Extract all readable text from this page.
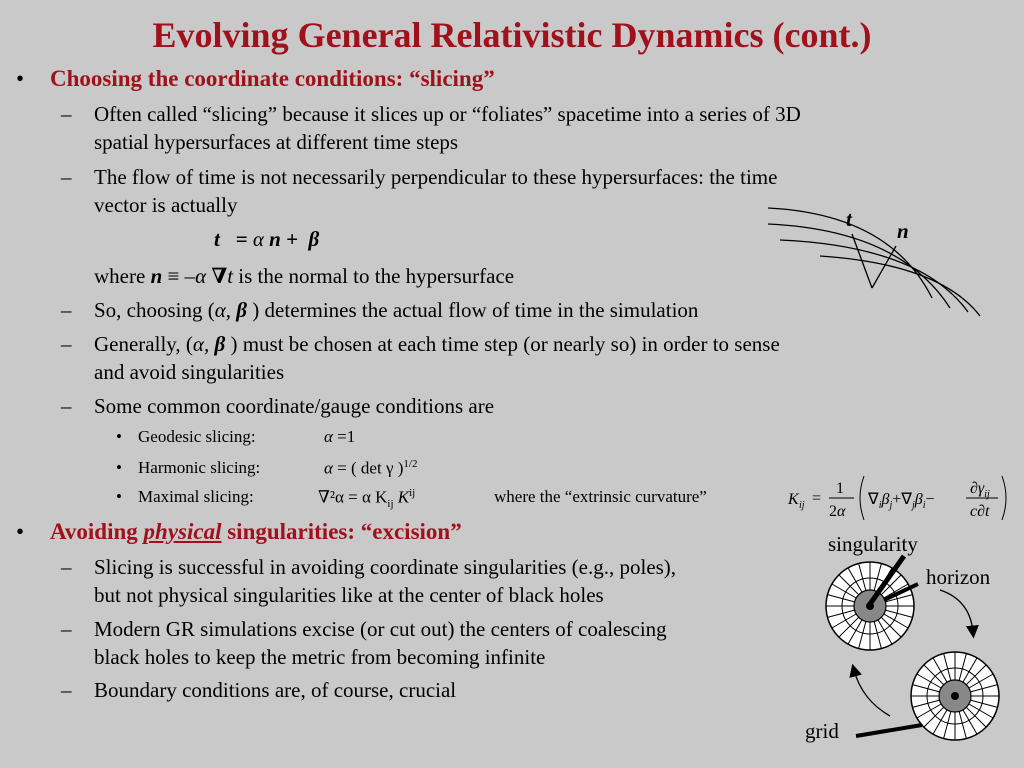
Evolving General Relativistic Dynamics (cont.)
• Choosing the coordinate conditions: “slicing”
– Often called “slicing” because it slices up or “foliates” spacetime into a series of 3D
spatial hypersurfaces at different time steps
– The flow of time is not necessarily perpendicular to these hypersurfaces: the time
vector is actually
t   = α n +  β
where n ≡ –α ∇t is the normal to the hypersurface
– So, choosing (α, β ) determines the actual flow of time in the simulation
– Generally, (α, β ) must be chosen at each time step (or nearly so) in order to sense
and avoid singularities
– Some common coordinate/gauge conditions are
• Geodesic slicing:	α =1
• Harmonic slicing:	α = ( det γ )$^{1/2}$
• Maximal slicing:	∇²α = α $K_{ij}$ $K^{ij}$	where the “extrinsic curvature”	K ij =
1
2α
$\nabla_i\beta_j+\nabla_j\beta_i-$
$\partial\gamma_{ij}$
c∂t
• Avoiding physical singularities: “excision”
– Slicing is successful in avoiding coordinate singularities (e.g., poles),
but not physical singularities like at the center of black holes
– Modern GR simulations excise (or cut out) the centers of coalescing
black holes to keep the metric from becoming infinite
– Boundary conditions are, of course, crucial
t n
singularity
horizon
grid
